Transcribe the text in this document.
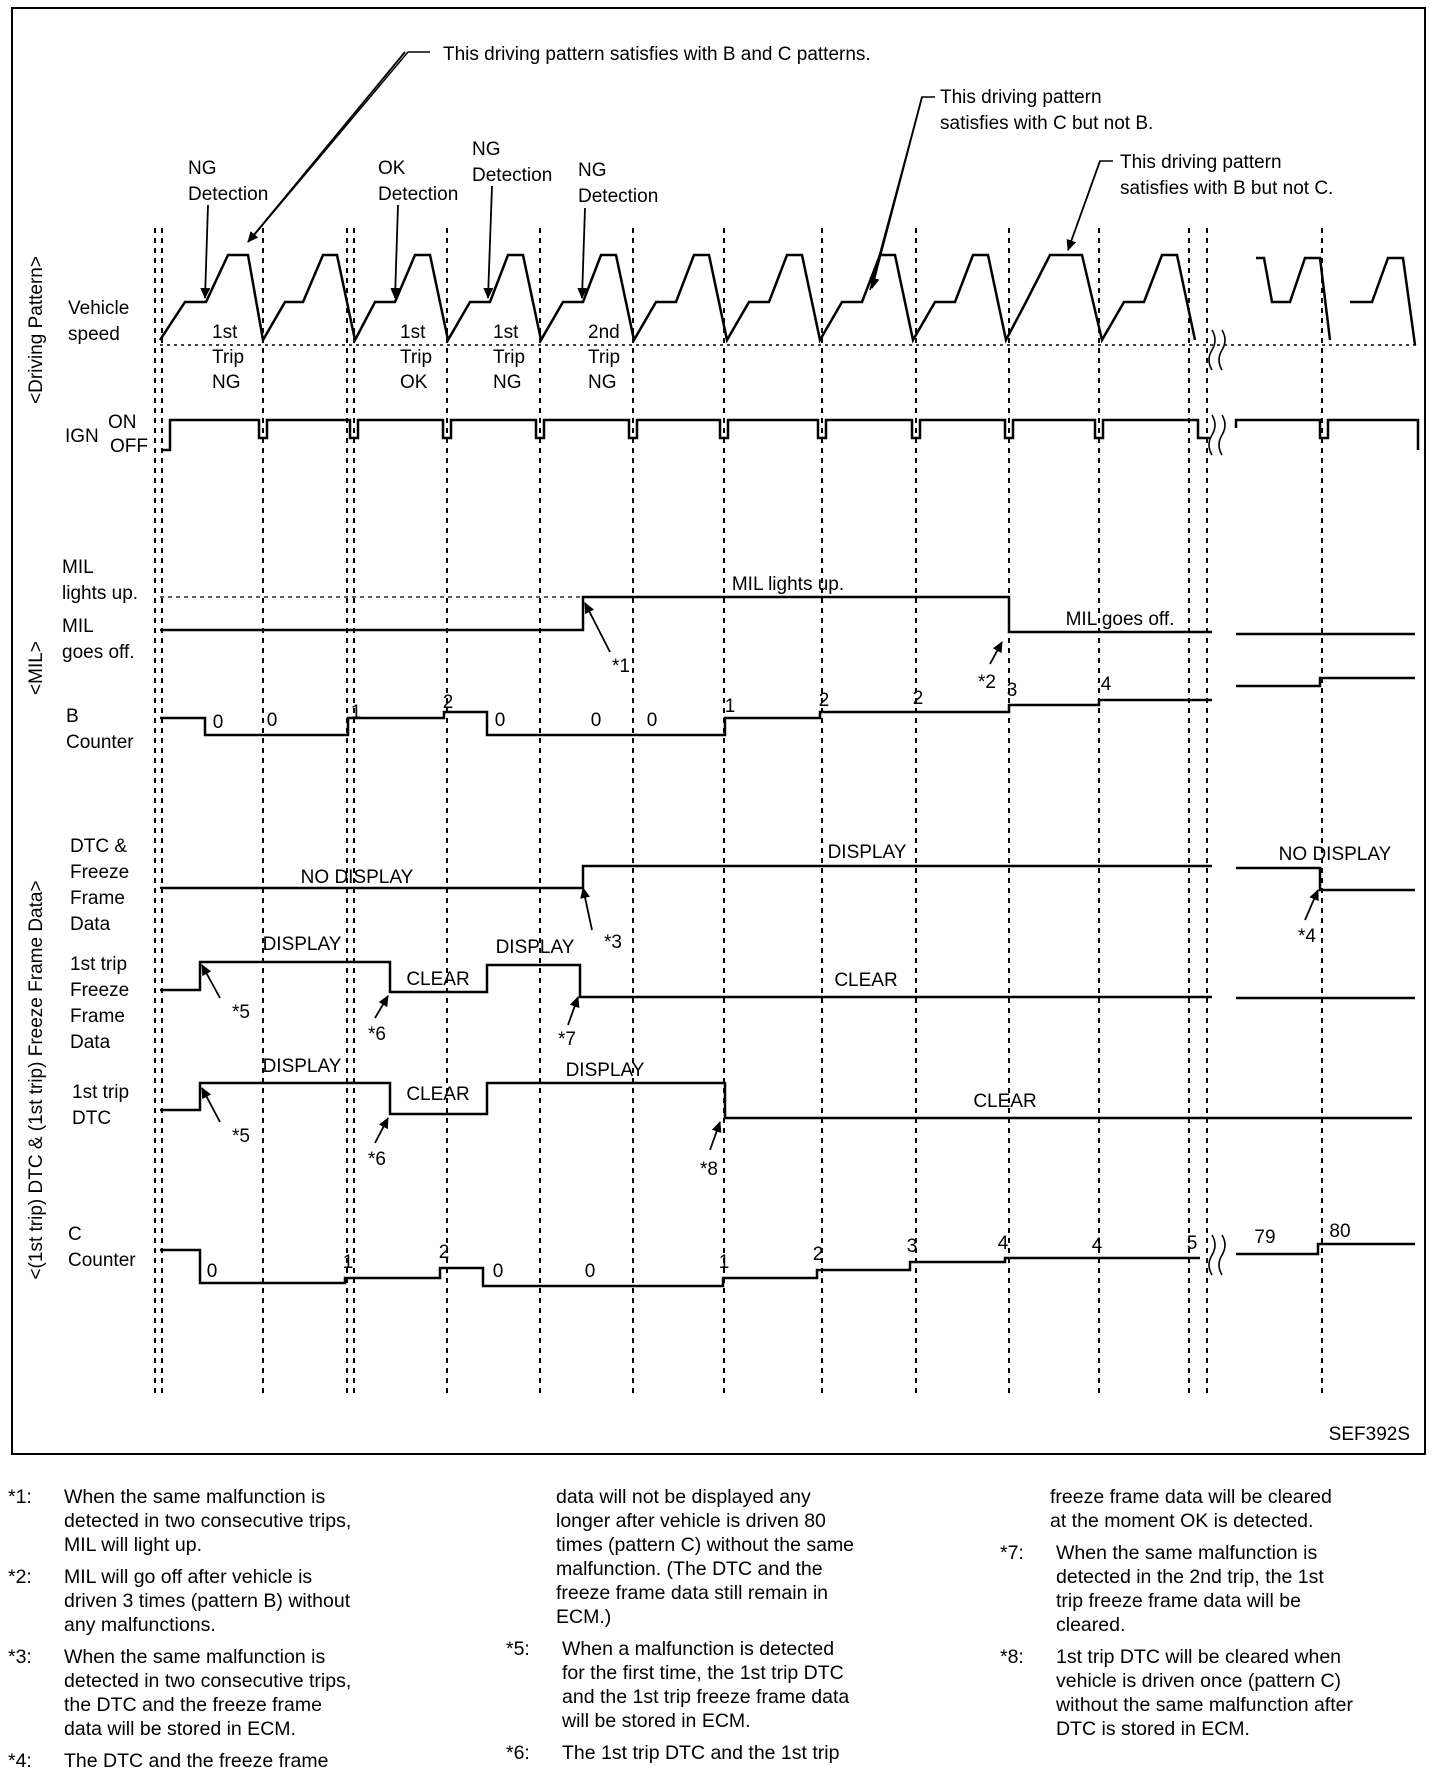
This driving pattern satisfies with B and C patterns.
This driving pattern
satisfies with C but not B.
This driving pattern
satisfies with B but not C.
NG
Detection
OK
Detection
NG
Detection NG
Detection
1st
Trip
NG
1st
Trip
OK
1st
Trip
NG
2nd
Trip
NG
<Driving Pattern>
<MIL>
<(1st trip) DTC & (1st trip) Freeze Frame Data>
Vehicle
speed
IGN
ON
OFF
MIL
lights up.
MIL
goes off.
B
Counter
DTC &
Freeze
Frame
Data
1st trip
Freeze
Frame
Data
1st trip
DTC
C
Counter
MIL lights up.
MIL goes off.
NO DISPLAY
DISPLAY	NO DISPLAY
DISPLAY
CLEAR
DISPLAY
CLEAR
DISPLAY
CLEAR
DISPLAY
CLEAR
0 0	1	2
0	0 0
1	2	2	3	4
0	1	2
0	0	1	2	3	4	4	5	79	80
*1
*2
*3	*4
*5
*6	*7
*5
*6	*8
SEF392S
*1: When the same malfunction is
detected in two consecutive trips,
MIL will light up.
*2: MIL will go off after vehicle is
driven 3 times (pattern B) without
any malfunctions.
*3: When the same malfunction is
detected in two consecutive trips,
the DTC and the freeze frame
data will be stored in ECM.
*4: The DTC and the freeze frame
data will not be displayed any
longer after vehicle is driven 80
times (pattern C) without the same
malfunction. (The DTC and the
freeze frame data still remain in
ECM.)
*5: When a malfunction is detected
for the first time, the 1st trip DTC
and the 1st trip freeze frame data
will be stored in ECM.
*6: The 1st trip DTC and the 1st trip
freeze frame data will be cleared
at the moment OK is detected.
*7: When the same malfunction is
detected in the 2nd trip, the 1st
trip freeze frame data will be
cleared.
*8: 1st trip DTC will be cleared when
vehicle is driven once (pattern C)
without the same malfunction after
DTC is stored in ECM.
